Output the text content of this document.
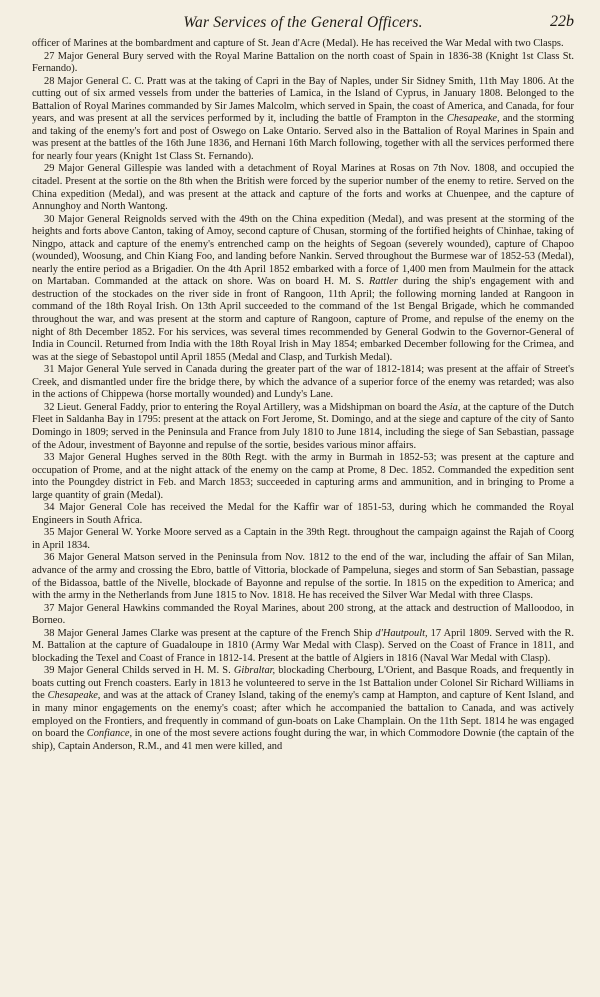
War Services of the General Officers.	22b

officer of Marines at the bombardment and capture of St. Jean d'Acre (Medal). He has received the War Medal with two Clasps.

27 Major General Bury served with the Royal Marine Battalion on the north coast of Spain in 1836-38 (Knight 1st Class St. Fernando).

28 Major General C. C. Pratt was at the taking of Capri in the Bay of Naples, under Sir Sidney Smith, 11th May 1806. At the cutting out of six armed vessels from under the batteries of Lamica, in the Island of Cyprus, in January 1808. Belonged to the Battalion of Royal Marines commanded by Sir James Malcolm, which served in Spain, the coast of America, and Canada, for four years, and was present at all the services performed by it, including the battle of Frampton in the Chesapeake, and the storming and taking of the enemy's fort and post of Oswego on Lake Ontario. Served also in the Battalion of Royal Marines in Spain and was present at the battles of the 16th June 1836, and Hernani 16th March following, together with all the services performed there for nearly four years (Knight 1st Class St. Fernando).

29 Major General Gillespie was landed with a detachment of Royal Marines at Rosas on 7th Nov. 1808, and occupied the citadel. Present at the sortie on the 8th when the British were forced by the superior number of the enemy to retire. Served on the China expedition (Medal), and was present at the attack and capture of the forts and works at Chuenpee, and the capture of Annunghoy and North Wantong.

30 Major General Reignolds served with the 49th on the China expedition (Medal), and was present at the storming of the heights and forts above Canton, taking of Amoy, second capture of Chusan, storming of the fortified heights of Chinhae, taking of Ningpo, attack and capture of the enemy's entrenched camp on the heights of Segoan (severely wounded), capture of Chapoo (wounded), Woosung, and Chin Kiang Foo, and landing before Nankin. Served throughout the Burmese war of 1852-53 (Medal), nearly the entire period as a Brigadier. On the 4th April 1852 embarked with a force of 1,400 men from Maulmein for the attack on Martaban. Commanded at the attack on shore. Was on board H. M. S. Rattler during the ship's engagement with and destruction of the stockades on the river side in front of Rangoon, 11th April; the following morning landed at Rangoon in command of the 18th Royal Irish. On 13th April succeeded to the command of the 1st Bengal Brigade, which he commanded throughout the war, and was present at the storm and capture of Rangoon, capture of Prome, and repulse of the enemy on the night of 8th December 1852. For his services, was several times recommended by General Godwin to the Governor-General of India in Council. Returned from India with the 18th Royal Irish in May 1854; embarked December following for the Crimea, and was at the siege of Sebastopol until April 1855 (Medal and Clasp, and Turkish Medal).

31 Major General Yule served in Canada during the greater part of the war of 1812-1814; was present at the affair of Street's Creek, and dismantled under fire the bridge there, by which the advance of a superior force of the enemy was retarded; was also in the actions of Chippewa (horse mortally wounded) and Lundy's Lane.

32 Lieut. General Faddy, prior to entering the Royal Artillery, was a Midshipman on board the Asia, at the capture of the Dutch Fleet in Saldanha Bay in 1795: present at the attack on Fort Jerome, St. Domingo, and at the siege and capture of the city of Santo Domingo in 1809; served in the Peninsula and France from July 1810 to June 1814, including the siege of San Sebastian, passage of the Adour, investment of Bayonne and repulse of the sortie, besides various minor affairs.

33 Major General Hughes served in the 80th Regt. with the army in Burmah in 1852-53; was present at the capture and occupation of Prome, and at the night attack of the enemy on the camp at Prome, 8 Dec. 1852. Commanded the expedition sent into the Poungdey district in Feb. and March 1853; succeeded in capturing arms and ammunition, and in bringing to Prome a large quantity of grain (Medal).

34 Major General Cole has received the Medal for the Kaffir war of 1851-53, during which he commanded the Royal Engineers in South Africa.

35 Major General W. Yorke Moore served as a Captain in the 39th Regt. throughout the campaign against the Rajah of Coorg in April 1834.

36 Major General Matson served in the Peninsula from Nov. 1812 to the end of the war, including the affair of San Milan, advance of the army and crossing the Ebro, battle of Vittoria, blockade of Pampeluna, sieges and storm of San Sebastian, passage of the Bidassoa, battle of the Nivelle, blockade of Bayonne and repulse of the sortie. In 1815 on the expedition to America; and with the army in the Netherlands from June 1815 to Nov. 1818. He has received the Silver War Medal with three Clasps.

37 Major General Hawkins commanded the Royal Marines, about 200 strong, at the attack and destruction of Malloodoo, in Borneo.

38 Major General James Clarke was present at the capture of the French Ship d'Hautpoult, 17 April 1809. Served with the R. M. Battalion at the capture of Guadaloupe in 1810 (Army War Medal with Clasp). Served on the Coast of France in 1811, and blockading the Texel and Coast of France in 1812-14. Present at the battle of Algiers in 1816 (Naval War Medal with Clasp).

39 Major General Childs served in H. M. S. Gibraltar, blockading Cherbourg, L'Orient, and Basque Roads, and frequently in boats cutting out French coasters. Early in 1813 he volunteered to serve in the 1st Battalion under Colonel Sir Richard Williams in the Chesapeake, and was at the attack of Craney Island, taking of the enemy's camp at Hampton, and capture of Kent Island, and in many minor engagements on the enemy's coast; after which he accompanied the battalion to Canada, and was actively employed on the Frontiers, and frequently in command of gun-boats on Lake Champlain. On the 11th Sept. 1814 he was engaged on board the Confiance, in one of the most severe actions fought during the war, in which Commodore Downie (the captain of the ship), Captain Anderson, R.M., and 41 men were killed, and
